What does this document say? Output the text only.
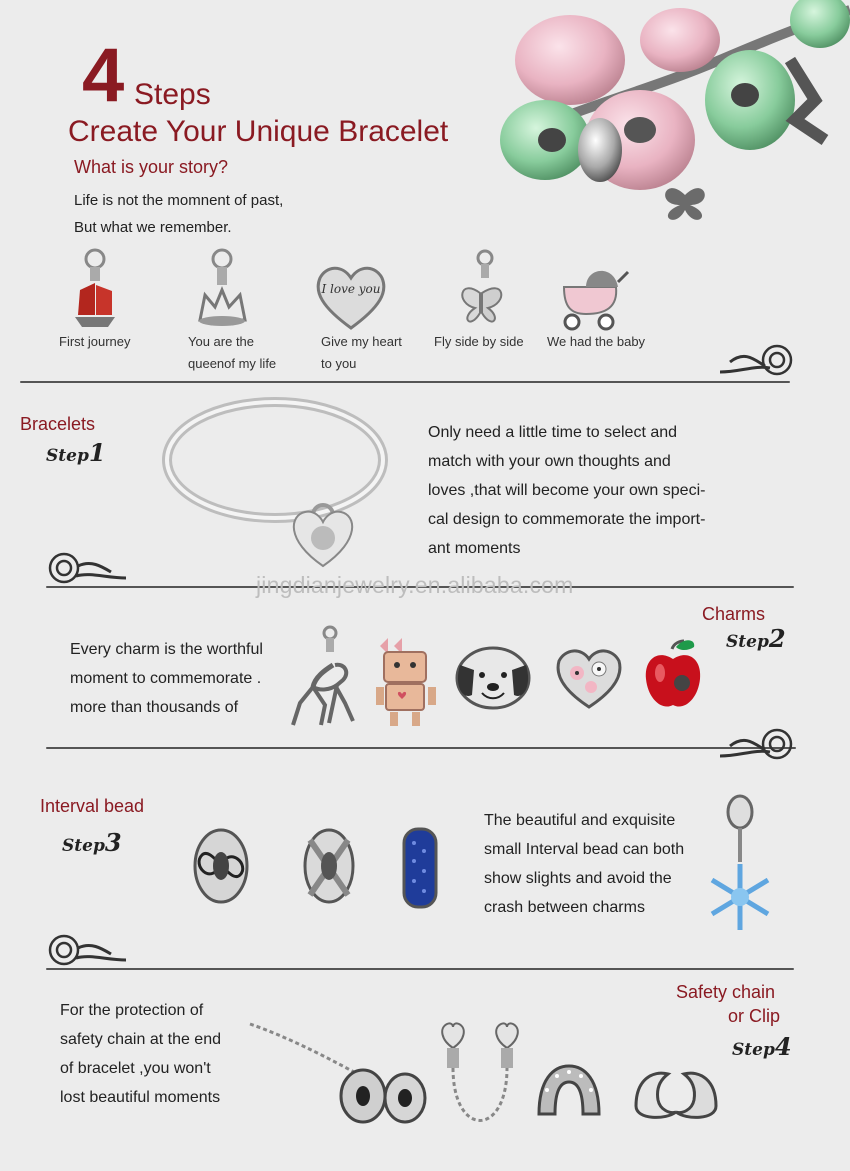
4 Steps
Create Your Unique Bracelet
What is your story?
Life is not the momnent of past,
But what we remember.
First journey	You are the queenof my life
I love you
Give my heart to you
Fly side by side We had the baby
Bracelets
Step1
Only need a little time to select and
match with your own thoughts and
loves ,that will become your own speci-
cal design to commemorate the import-
ant moments
jingdianjewelry.en.alibaba.com
Charms
Step2
Every charm is the worthful
moment to commemorate .
more than thousands of
Interval bead
Step3
The beautiful and exquisite
small Interval bead can both
show slights and avoid the
crash between charms
Safety chain
or Clip
Step4
For the protection of
safety chain at the end
of bracelet ,you won't
lost beautiful moments
